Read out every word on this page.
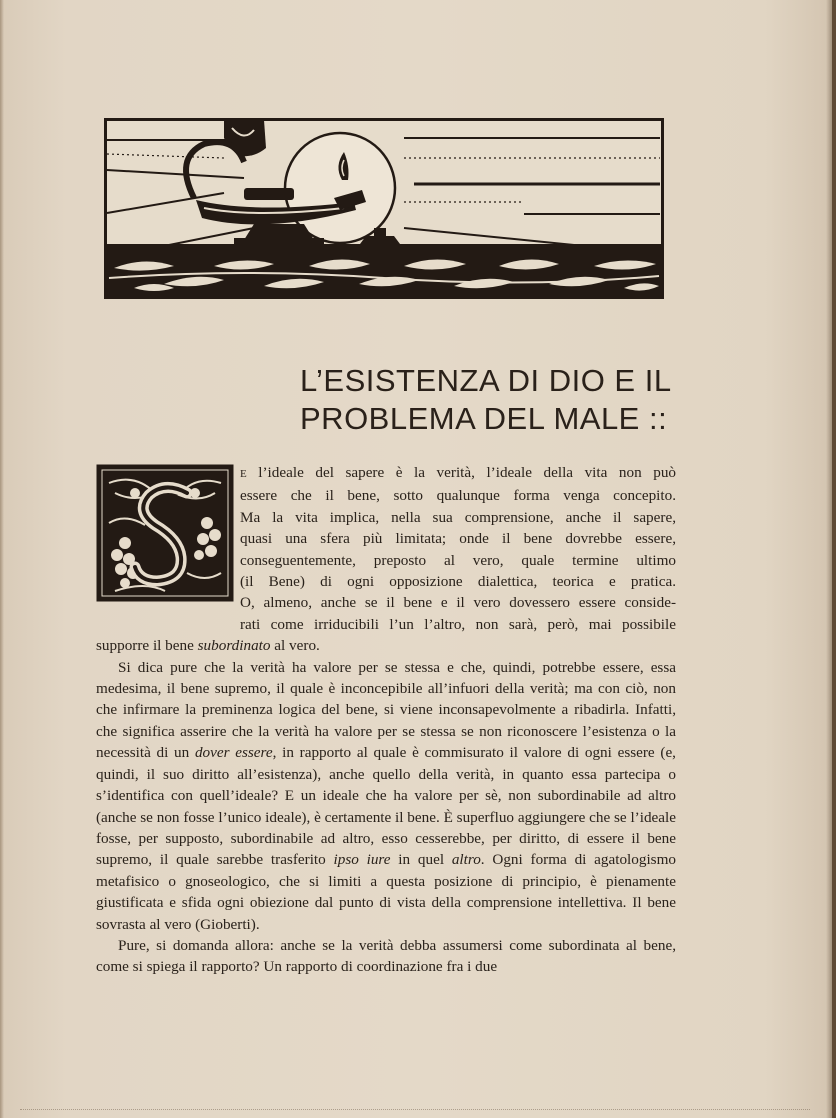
L’ESISTENZA DI DIO E IL
PROBLEMA DEL MALE ::
E l’ideale del sapere è la verità, l’ideale della vita non può
essere che il bene, sotto qualunque forma venga concepito.
Ma la vita implica, nella sua comprensione, anche il sapere,
quasi una sfera più limitata; onde il bene dovrebbe essere,
conseguentemente, preposto al vero, quale termine ultimo
(il Bene) di ogni opposizione dialettica, teorica e pratica.
O, almeno, anche se il bene e il vero dovessero essere conside-
rati come irriducibili l’un l’altro, non sarà, però, mai possibile

supporre il bene subordinato al vero.

Si dica pure che la verità ha valore per se stessa e che, quindi, potrebbe essere, essa medesima, il bene supremo, il quale è inconcepibile all’infuori della verità; ma con ciò, non che infirmare la preminenza logica del bene, si viene inconsapevolmente a ribadirla. Infatti, che significa asserire che la verità ha valore per se stessa se non riconoscere l’esistenza o la necessità di un dover essere, in rapporto al quale è commisurato il valore di ogni essere (e, quindi, il suo diritto all’esistenza), anche quello della verità, in quanto essa partecipa o s’identifica con quell’ideale? E un ideale che ha valore per sè, non subordinabile ad altro (anche se non fosse l’unico ideale), è certamente il bene. È superfluo aggiungere che se l’ideale fosse, per supposto, subordinabile ad altro, esso cesserebbe, per diritto, di essere il bene supremo, il quale sarebbe trasferito ipso iure in quel altro. Ogni forma di agatologismo metafisico o gnoseologico, che si limiti a questa posizione di principio, è pienamente giustificata e sfida ogni obiezione dal punto di vista della comprensione intellettiva. Il bene sovrasta al vero (Gioberti).

Pure, si domanda allora: anche se la verità debba assumersi come subordinata al bene, come si spiega il rapporto? Un rapporto di coordinazione fra i due
